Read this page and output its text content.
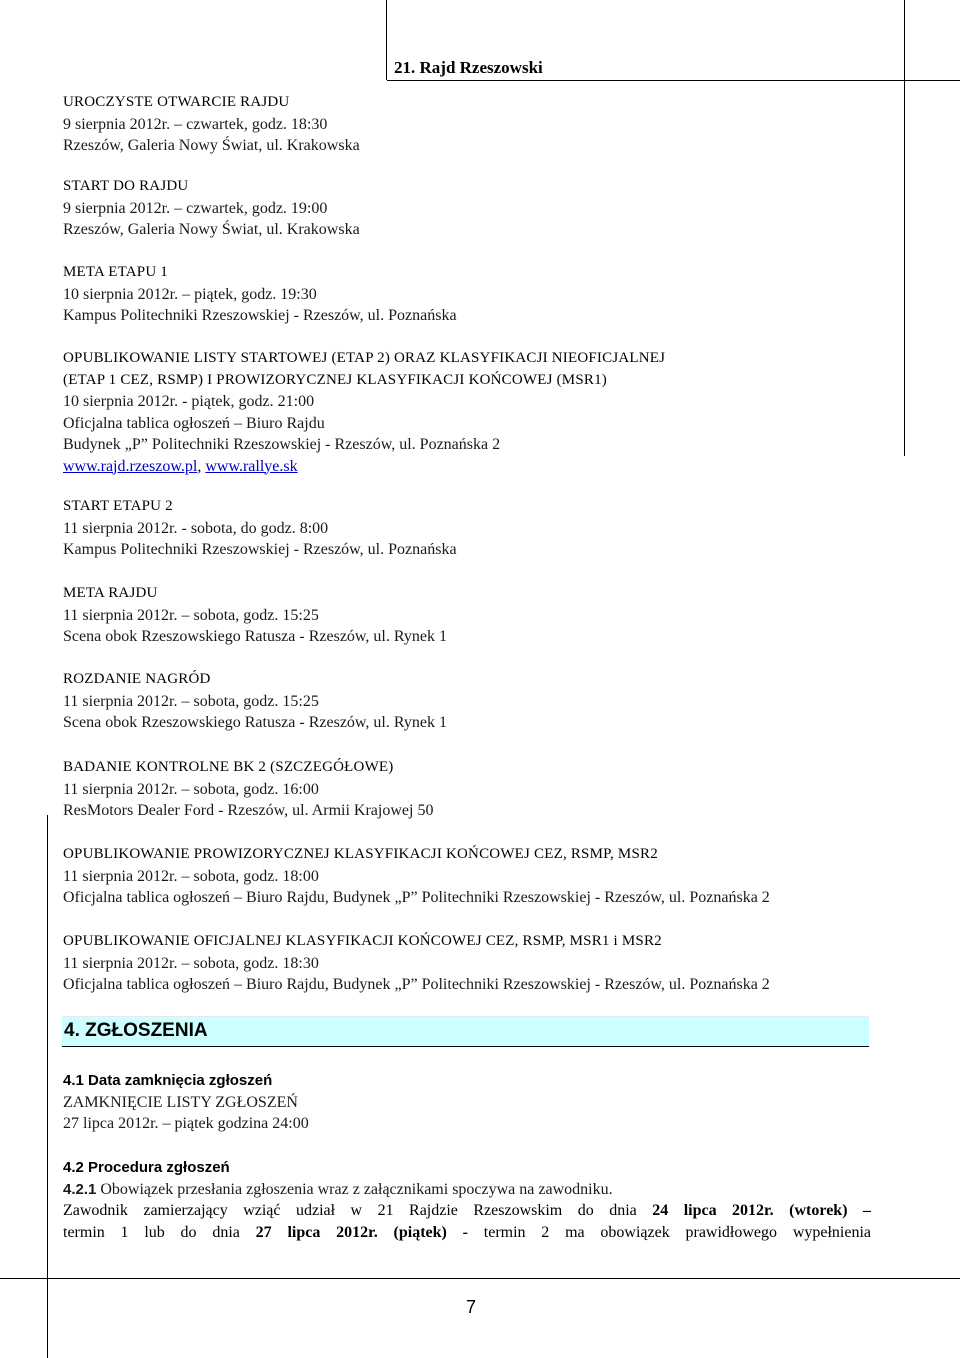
21. Rajd Rzeszowski
UROCZYSTE OTWARCIE RAJDU
9 sierpnia 2012r. – czwartek, godz. 18:30
Rzeszów, Galeria Nowy Świat, ul. Krakowska
START DO RAJDU
9 sierpnia 2012r. – czwartek, godz. 19:00
Rzeszów, Galeria Nowy Świat, ul. Krakowska
META ETAPU 1
10 sierpnia 2012r. – piątek, godz. 19:30
Kampus Politechniki Rzeszowskiej - Rzeszów, ul. Poznańska
OPUBLIKOWANIE LISTY STARTOWEJ (ETAP 2) ORAZ KLASYFIKACJI NIEOFICJALNEJ
(ETAP 1 CEZ, RSMP) I PROWIZORYCZNEJ KLASYFIKACJI KOŃCOWEJ (MSR1)
10 sierpnia 2012r. - piątek, godz. 21:00
Oficjalna tablica ogłoszeń – Biuro Rajdu
Budynek „P” Politechniki Rzeszowskiej - Rzeszów, ul. Poznańska 2
www.rajd.rzeszow.pl, www.rallye.sk
START ETAPU 2
11 sierpnia 2012r. - sobota, do godz. 8:00
Kampus Politechniki Rzeszowskiej - Rzeszów, ul. Poznańska
META RAJDU
11 sierpnia 2012r. – sobota, godz. 15:25
Scena obok Rzeszowskiego Ratusza - Rzeszów, ul. Rynek 1
ROZDANIE NAGRÓD
11 sierpnia 2012r. – sobota, godz. 15:25
Scena obok Rzeszowskiego Ratusza - Rzeszów, ul. Rynek 1
BADANIE KONTROLNE BK 2 (SZCZEGÓŁOWE)
11 sierpnia 2012r. – sobota, godz. 16:00
ResMotors Dealer Ford - Rzeszów, ul. Armii Krajowej 50
OPUBLIKOWANIE PROWIZORYCZNEJ KLASYFIKACJI KOŃCOWEJ CEZ, RSMP, MSR2
11 sierpnia 2012r. – sobota, godz. 18:00
Oficjalna tablica ogłoszeń – Biuro Rajdu, Budynek „P” Politechniki Rzeszowskiej - Rzeszów, ul. Poznańska 2
OPUBLIKOWANIE OFICJALNEJ KLASYFIKACJI KOŃCOWEJ CEZ, RSMP, MSR1 i MSR2
11 sierpnia 2012r. – sobota, godz. 18:30
Oficjalna tablica ogłoszeń – Biuro Rajdu, Budynek „P” Politechniki Rzeszowskiej - Rzeszów, ul. Poznańska 2
4. ZGŁOSZENIA
4.1 Data zamknięcia zgłoszeń
ZAMKNIĘCIE LISTY ZGŁOSZEŃ
27 lipca 2012r. – piątek godzina 24:00
4.2 Procedura zgłoszeń
4.2.1 Obowiązek przesłania zgłoszenia wraz z załącznikami spoczywa na zawodniku.
Zawodnik zamierzający wziąć udział w 21 Rajdzie Rzeszowskim do dnia 24 lipca 2012r. (wtorek) –
termin 1 lub do dnia 27 lipca 2012r. (piątek) - termin 2 ma obowiązek prawidłowego wypełnienia
7
